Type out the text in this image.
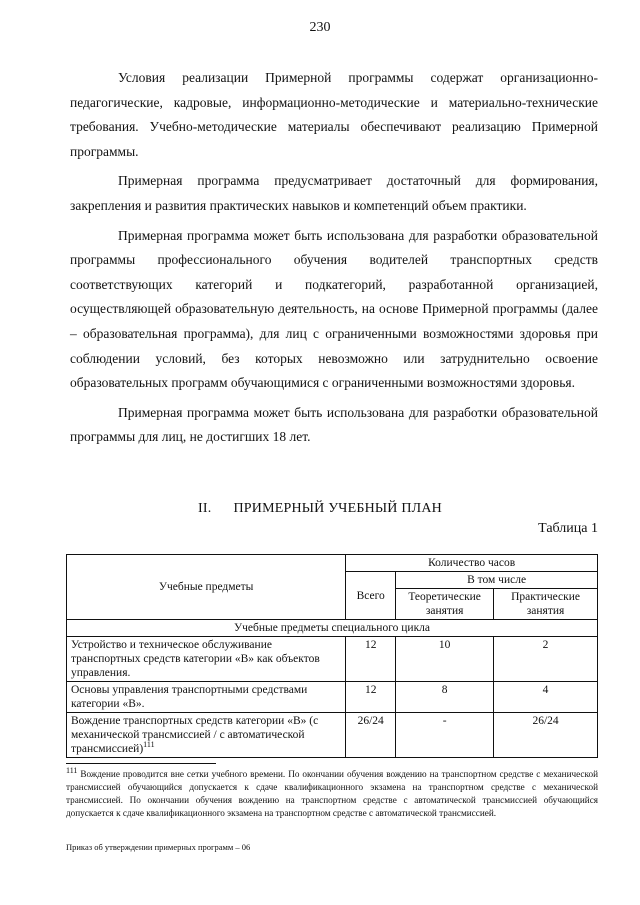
230

Условия реализации Примерной программы содержат организационно-педагогические, кадровые, информационно-методические и материально-технические требования. Учебно-методические материалы обеспечивают реализацию Примерной программы.

Примерная программа предусматривает достаточный для формирования, закрепления и развития практических навыков и компетенций объем практики.

Примерная программа может быть использована для разработки образовательной программы профессионального обучения водителей транспортных средств соответствующих категорий и подкатегорий, разработанной организацией, осуществляющей образовательную деятельность, на основе Примерной программы (далее – образовательная программа), для лиц с ограниченными возможностями здоровья при соблюдении условий, без которых невозможно или затруднительно освоение образовательных программ обучающимися с ограниченными возможностями здоровья.

Примерная программа может быть использована для разработки образовательной программы для лиц, не достигших 18 лет.

II. ПРИМЕРНЫЙ УЧЕБНЫЙ ПЛАН
Таблица 1
Учебные предметы	Количество часов		
	Всего	В том числе	
		Теоретические занятия	Практические занятия
Учебные предметы специального цикла			
Устройство и техническое обслуживание транспортных средств категории «B» как объектов управления.	12	10	2
Основы управления транспортными средствами категории «B».	12	8	4
Вождение транспортных средств категории «B» (с механической трансмиссией / с автоматической трансмиссией)$^{111}$	26/24	-	26/24
$^{111}$ Вождение проводится вне сетки учебного времени. По окончании обучения вождению на транспортном средстве с механической трансмиссией обучающийся допускается к сдаче квалификационного экзамена на транспортном средстве с механической трансмиссией. По окончании обучения вождению на транспортном средстве с автоматической трансмиссией обучающийся допускается к сдаче квалификационного экзамена на транспортном средстве с автоматической трансмиссией.
Приказ об утверждении примерных программ – 06
